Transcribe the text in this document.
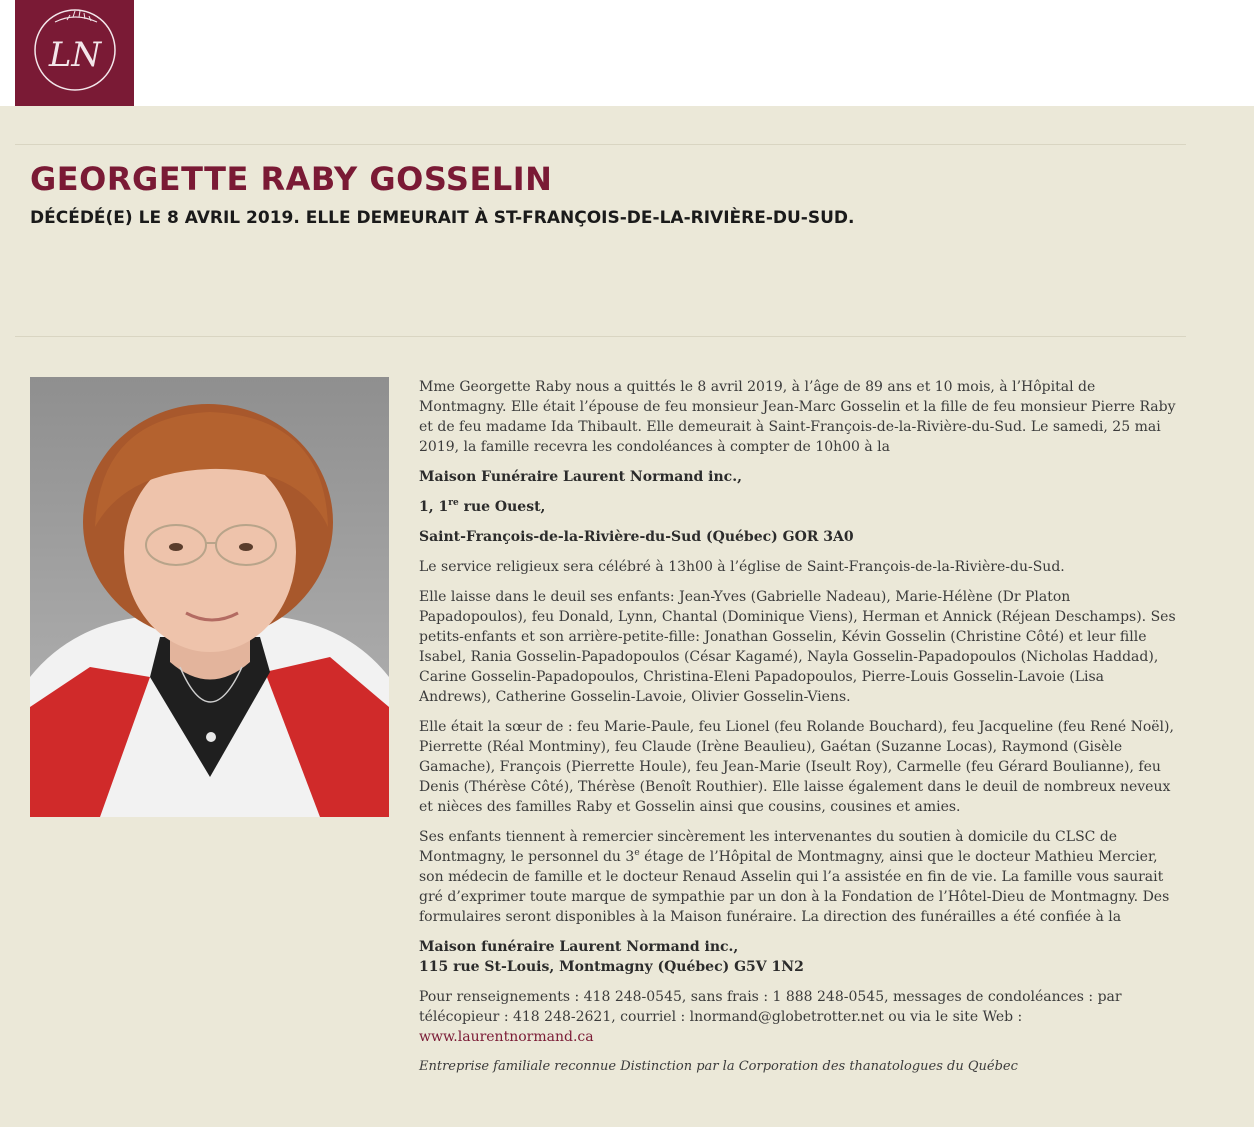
LN
GEORGETTE RABY GOSSELIN
DÉCÉDÉ(E) LE 8 AVRIL 2019. ELLE DEMEURAIT À ST-FRANÇOIS-DE-LA-RIVIÈRE-DU-SUD.

Mme Georgette Raby nous a quittés le 8 avril 2019, à l’âge de 89 ans et 10 mois, à l’Hôpital de Montmagny. Elle était l’épouse de feu monsieur Jean-Marc Gosselin et la fille de feu monsieur Pierre Raby et de feu madame Ida Thibault. Elle demeurait à Saint-François-de-la-Rivière-du-Sud. Le samedi, 25 mai 2019, la famille recevra les condoléances à compter de 10h00 à la

Maison Funéraire Laurent Normand inc.,

1, 1re rue Ouest,

Saint-François-de-la-Rivière-du-Sud (Québec) GOR 3A0

Le service religieux sera célébré à 13h00 à l’église de Saint-François-de-la-Rivière-du-Sud.

Elle laisse dans le deuil ses enfants: Jean-Yves (Gabrielle Nadeau), Marie-Hélène (Dr Platon Papadopoulos), feu Donald, Lynn, Chantal (Dominique Viens), Herman et Annick (Réjean Deschamps). Ses petits-enfants et son arrière-petite-fille: Jonathan Gosselin, Kévin Gosselin (Christine Côté) et leur fille Isabel, Rania Gosselin-Papadopoulos (César Kagamé), Nayla Gosselin-Papadopoulos (Nicholas Haddad), Carine Gosselin-Papadopoulos, Christina-Eleni Papadopoulos, Pierre-Louis Gosselin-Lavoie (Lisa Andrews), Catherine Gosselin-Lavoie, Olivier Gosselin-Viens.

Elle était la sœur de : feu Marie-Paule, feu Lionel (feu Rolande Bouchard), feu Jacqueline (feu René Noël), Pierrette (Réal Montminy), feu Claude (Irène Beaulieu), Gaétan (Suzanne Locas), Raymond (Gisèle Gamache), François (Pierrette Houle), feu Jean-Marie (Iseult Roy), Carmelle (feu Gérard Boulianne), feu Denis (Thérèse Côté), Thérèse (Benoît Routhier). Elle laisse également dans le deuil de nombreux neveux et nièces des familles Raby et Gosselin ainsi que cousins, cousines et amies.

Ses enfants tiennent à remercier sincèrement les intervenantes du soutien à domicile du CLSC de Montmagny, le personnel du 3e étage de l’Hôpital de Montmagny, ainsi que le docteur Mathieu Mercier, son médecin de famille et le docteur Renaud Asselin qui l’a assistée en fin de vie. La famille vous saurait gré d’exprimer toute marque de sympathie par un don à la Fondation de l’Hôtel-Dieu de Montmagny. Des formulaires seront disponibles à la Maison funéraire. La direction des funérailles a été confiée à la

Maison funéraire Laurent Normand inc.,
115 rue St-Louis, Montmagny (Québec) G5V 1N2

Pour renseignements : 418 248-0545, sans frais : 1 888 248-0545, messages de condoléances : par télécopieur : 418 248-2621, courriel : lnormand@globetrotter.net ou via le site Web :
www.laurentnormand.ca

Entreprise familiale reconnue Distinction par la Corporation des thanatologues du Québec
